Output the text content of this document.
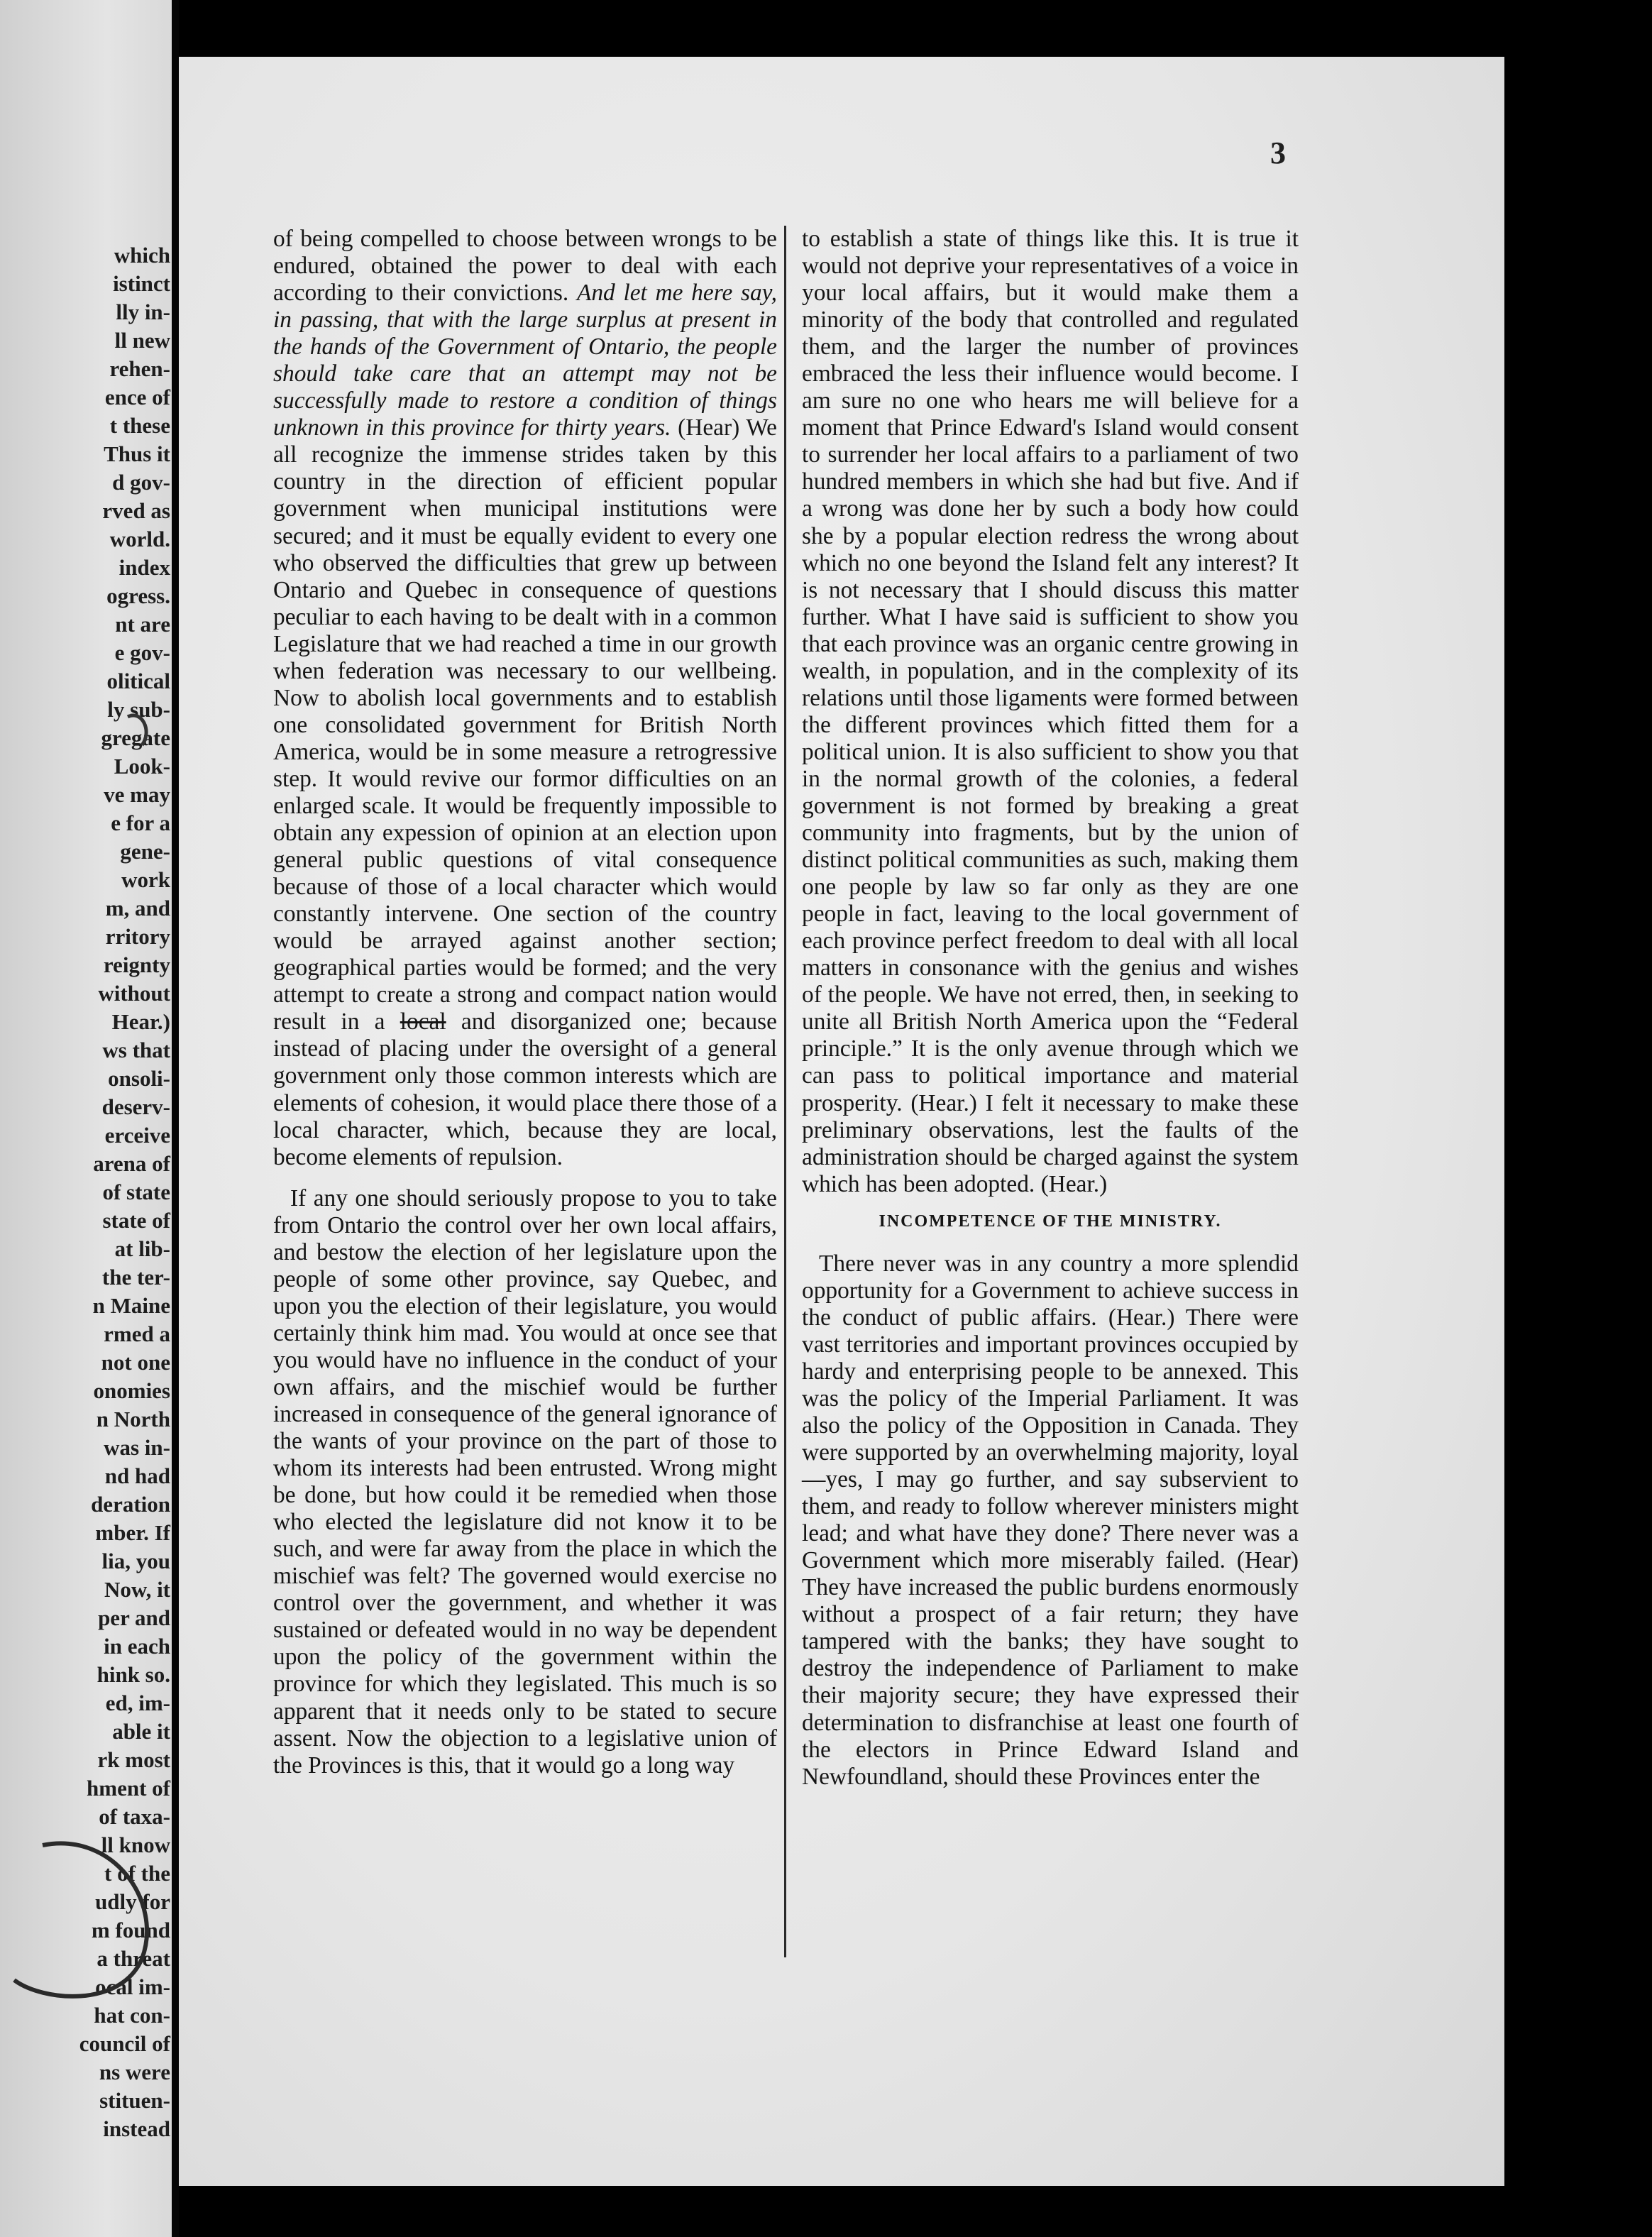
which
istinct
lly in-
ll new
rehen-
ence of
t these
Thus it
d gov-
rved as
world.
index
ogress.
nt are
e gov-
olitical
ly sub-
gregate
Look-
ve may
e for a
gene-
work
m, and
rritory
reignty
without
Hear.)
ws that
onsoli-
deserv-
erceive
arena of
of state
state of
at lib-
the ter-
n Maine
rmed a
not one
onomies
n North
was in-
nd had
deration
mber. If
lia, you
Now, it
per and
in each
hink so.
ed, im-
able it
rk most
hment of
of taxa-
ll know
t of the
udly for
m found
a threat
ocal im-
hat con-
council of
ns were
stituen-
instead
3

of being compelled to choose between wrongs to be endured, obtained the power to deal with each according to their convictions. And let me here say, in passing, that with the large surplus at present in the hands of the Government of Ontario, the people should take care that an attempt may not be successfully made to restore a condition of things unknown in this province for thirty years. (Hear) We all recognize the immense strides taken by this country in the direction of efficient popular government when municipal institutions were secured; and it must be equally evident to every one who observed the difficulties that grew up between Ontario and Quebec in consequence of questions peculiar to each having to be dealt with in a common Legislature that we had reached a time in our growth when federation was necessary to our wellbeing. Now to abolish local governments and to establish one consolidated government for British North America, would be in some measure a retrogressive step. It would revive our formor difficulties on an enlarged scale. It would be frequently impossible to obtain any expession of opinion at an election upon general public questions of vital consequence because of those of a local character which would constantly intervene. One section of the country would be arrayed against another section; geographical parties would be formed; and the very attempt to create a strong and compact nation would result in a local and disorganized one; because instead of placing under the oversight of a general government only those common interests which are elements of cohesion, it would place there those of a local character, which, because they are local, become elements of repulsion.

If any one should seriously propose to you to take from Ontario the control over her own local affairs, and bestow the election of her legislature upon the people of some other province, say Quebec, and upon you the election of their legislature, you would certainly think him mad. You would at once see that you would have no influence in the conduct of your own affairs, and the mischief would be further increased in consequence of the general ignorance of the wants of your province on the part of those to whom its interests had been entrusted. Wrong might be done, but how could it be remedied when those who elected the legislature did not know it to be such, and were far away from the place in which the mischief was felt? The governed would exercise no control over the government, and whether it was sustained or defeated would in no way be dependent upon the policy of the government within the province for which they legislated. This much is so apparent that it needs only to be stated to secure assent. Now the objection to a legislative union of the Provinces is this, that it would go a long way

to establish a state of things like this. It is true it would not deprive your representatives of a voice in your local affairs, but it would make them a minority of the body that controlled and regulated them, and the larger the number of provinces embraced the less their influence would become. I am sure no one who hears me will believe for a moment that Prince Edward's Island would consent to surrender her local affairs to a parliament of two hundred members in which she had but five. And if a wrong was done her by such a body how could she by a popular election redress the wrong about which no one beyond the Island felt any interest? It is not necessary that I should discuss this matter further. What I have said is sufficient to show you that each province was an organic centre growing in wealth, in population, and in the complexity of its relations until those ligaments were formed between the different provinces which fitted them for a political union. It is also sufficient to show you that in the normal growth of the colonies, a federal government is not formed by breaking a great community into fragments, but by the union of distinct political communities as such, making them one people by law so far only as they are one people in fact, leaving to the local government of each province perfect freedom to deal with all local matters in consonance with the genius and wishes of the people. We have not erred, then, in seeking to unite all British North America upon the “Federal principle.” It is the only avenue through which we can pass to political importance and material prosperity. (Hear.) I felt it necessary to make these preliminary observations, lest the faults of the administration should be charged against the system which has been adopted. (Hear.)

INCOMPETENCE OF THE MINISTRY.

There never was in any country a more splendid opportunity for a Government to achieve success in the conduct of public affairs. (Hear.) There were vast territories and important provinces occupied by hardy and enterprising people to be annexed. This was the policy of the Imperial Parliament. It was also the policy of the Opposition in Canada. They were supported by an overwhelming majority, loyal—yes, I may go further, and say subservient to them, and ready to follow wherever ministers might lead; and what have they done? There never was a Government which more miserably failed. (Hear) They have increased the public burdens enormously without a prospect of a fair return; they have tampered with the banks; they have sought to destroy the independence of Parliament to make their majority secure; they have expressed their determination to disfranchise at least one fourth of the electors in Prince Edward Island and Newfoundland, should these Provinces enter the
